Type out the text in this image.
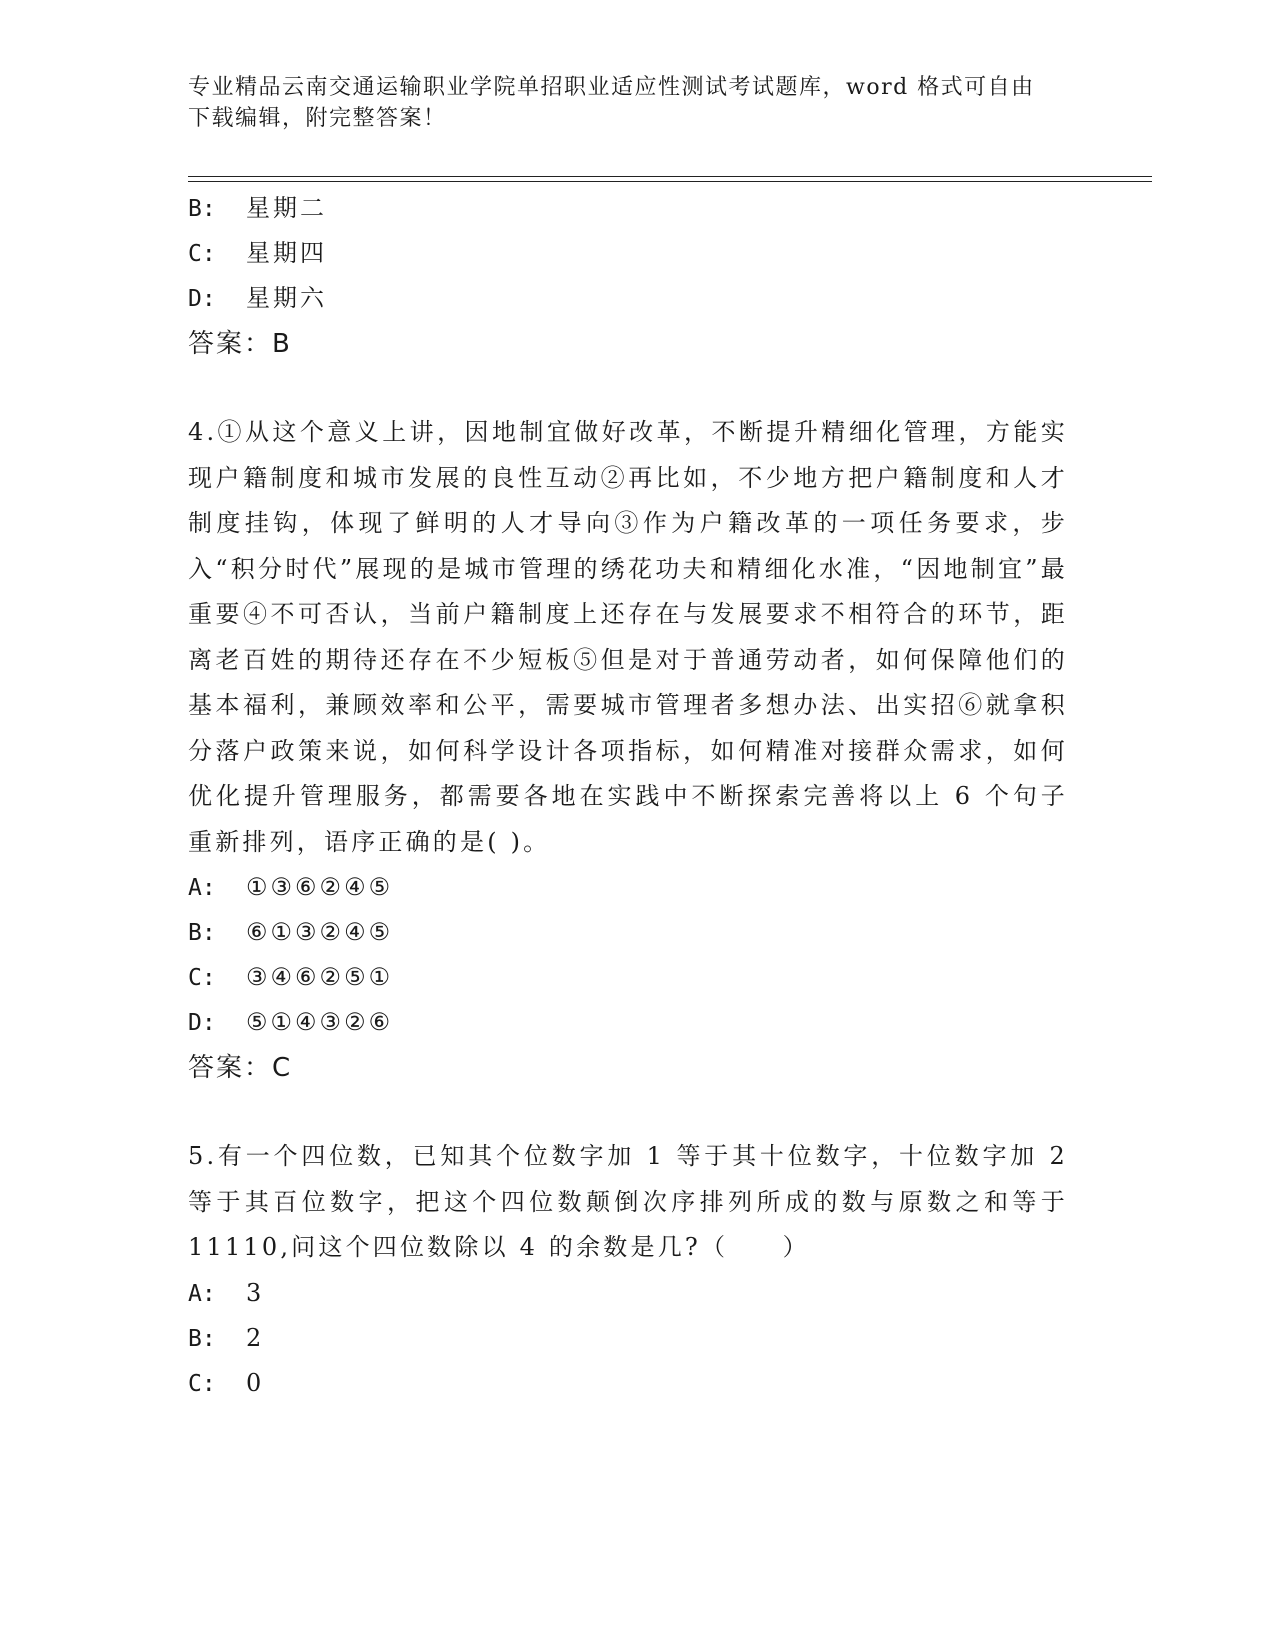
专业精品云南交通运输职业学院单招职业适应性测试考试题库，word 格式可自由
下载编辑，附完整答案！
B: 星期二
C: 星期四
D: 星期六
答案：B
4.①从这个意义上讲，因地制宜做好改革，不断提升精细化管理，方能实现户籍制度和城市发展的良性互动②再比如，不少地方把户籍制度和人才制度挂钩，体现了鲜明的人才导向③作为户籍改革的一项任务要求，步入“积分时代”展现的是城市管理的绣花功夫和精细化水准，“因地制宜”最重要④不可否认，当前户籍制度上还存在与发展要求不相符合的环节，距离老百姓的期待还存在不少短板⑤但是对于普通劳动者，如何保障他们的基本福利，兼顾效率和公平，需要城市管理者多想办法、出实招⑥就拿积分落户政策来说，如何科学设计各项指标，如何精准对接群众需求，如何优化提升管理服务，都需要各地在实践中不断探索完善将以上 6 个句子重新排列，语序正确的是( )。
A: ①③⑥②④⑤
B: ⑥①③②④⑤
C: ③④⑥②⑤①
D: ⑤①④③②⑥
答案：C
5.有一个四位数，已知其个位数字加 1 等于其十位数字，十位数字加 2 等于其百位数字，把这个四位数颠倒次序排列所成的数与原数之和等于 11110,问这个四位数除以 4 的余数是几?（　　）
A: 3
B: 2
C: 0
